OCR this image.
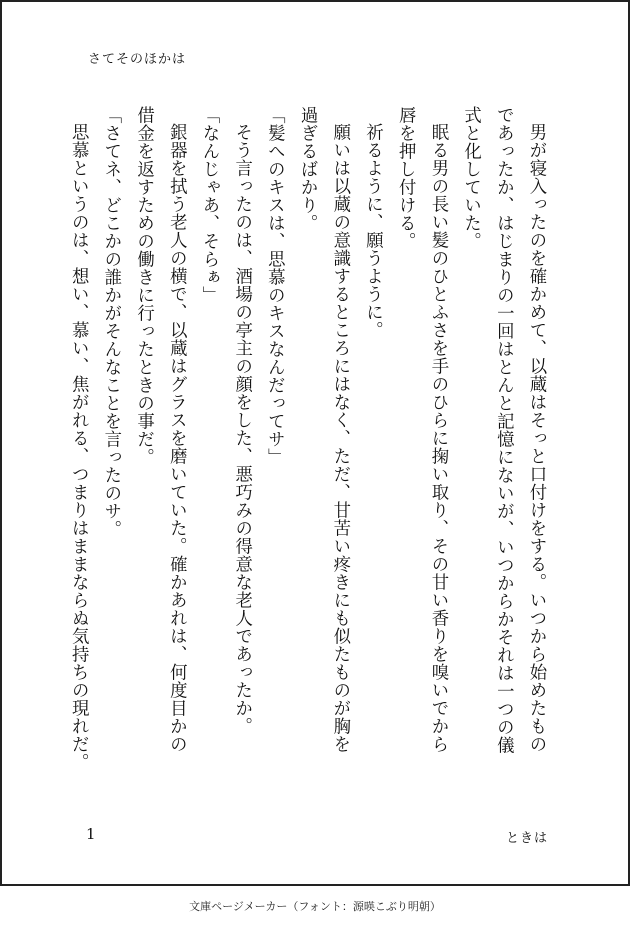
さてそのほかは

男が寝入ったのを確かめて、以蔵はそっと口付けをする。いつから始めたもの

であったか、はじまりの一回はとんと記憶にないが、いつからかそれは一つの儀

式と化していた。

眠る男の長い髪のひとふさを手のひらに掬い取り、その甘い香りを嗅いでから

唇を押し付ける。

祈るように、願うように。

願いは以蔵の意識するところにはなく、ただ、甘苦い疼きにも似たものが胸を

過ぎるばかり。

「髪へのキスは、思慕のキスなんだってサ」

そう言ったのは、酒場の亭主の顔をした、悪巧みの得意な老人であったか。

「なんじゃあ、そらぁ」

銀器を拭う老人の横で、以蔵はグラスを磨いていた。確かあれは、何度目かの

借金を返すための働きに行ったときの事だ。

「さてネ、どこかの誰かがそんなことを言ったのサ。

思慕というのは、想い、慕い、焦がれる、つまりはままならぬ気持ちの現れだ。

1	ときは
文庫ページメーカー（フォント：源暎こぶり明朝）
